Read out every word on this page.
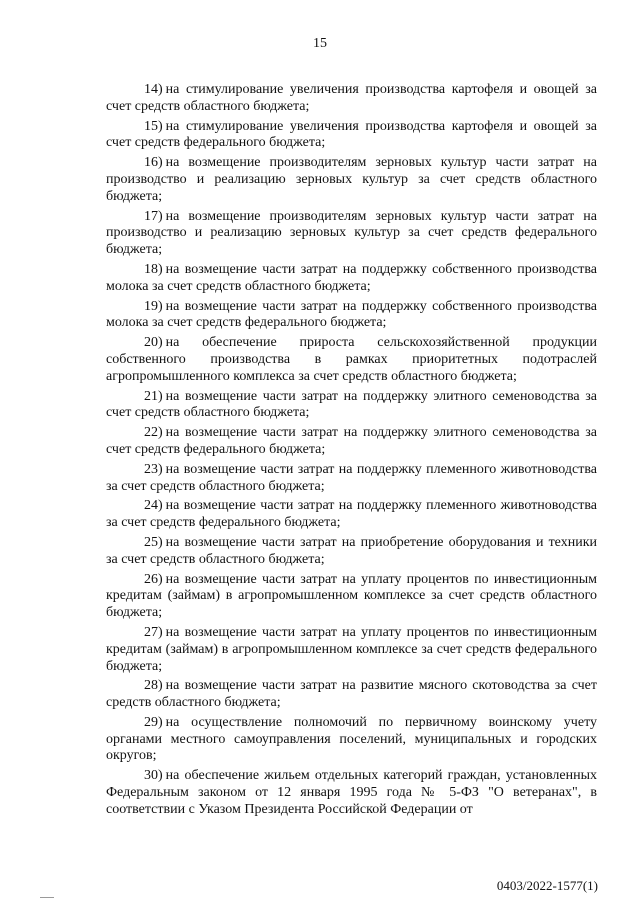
15

14) на стимулирование увеличения производства картофеля и овощей за счет средств областного бюджета;

15) на стимулирование увеличения производства картофеля и овощей за счет средств федерального бюджета;

16) на возмещение производителям зерновых культур части затрат на производство и реализацию зерновых культур за счет средств областного бюджета;

17) на возмещение производителям зерновых культур части затрат на производство и реализацию зерновых культур за счет средств федерального бюджета;

18) на возмещение части затрат на поддержку собственного производства молока за счет средств областного бюджета;

19) на возмещение части затрат на поддержку собственного производства молока за счет средств федерального бюджета;

20) на обеспечение прироста сельскохозяйственной продукции собственного производства в рамках приоритетных подотраслей агропромышленного комплекса за счет средств областного бюджета;

21) на возмещение части затрат на поддержку элитного семеноводства за счет средств областного бюджета;

22) на возмещение части затрат на поддержку элитного семеноводства за счет средств федерального бюджета;

23) на возмещение части затрат на поддержку племенного животноводства за счет средств областного бюджета;

24) на возмещение части затрат на поддержку племенного животноводства за счет средств федерального бюджета;

25) на возмещение части затрат на приобретение оборудования и техники за счет средств областного бюджета;

26) на возмещение части затрат на уплату процентов по инвестиционным кредитам (займам) в агропромышленном комплексе за счет средств областного бюджета;

27) на возмещение части затрат на уплату процентов по инвестиционным кредитам (займам) в агропромышленном комплексе за счет средств федерального бюджета;

28) на возмещение части затрат на развитие мясного скотоводства за счет средств областного бюджета;

29) на осуществление полномочий по первичному воинскому учету органами местного самоуправления поселений, муниципальных и городских округов;

30) на обеспечение жильем отдельных категорий граждан, установленных Федеральным законом от 12 января 1995 года № 5-ФЗ "О ветеранах", в соответствии с Указом Президента Российской Федерации от

0403/2022-1577(1)
